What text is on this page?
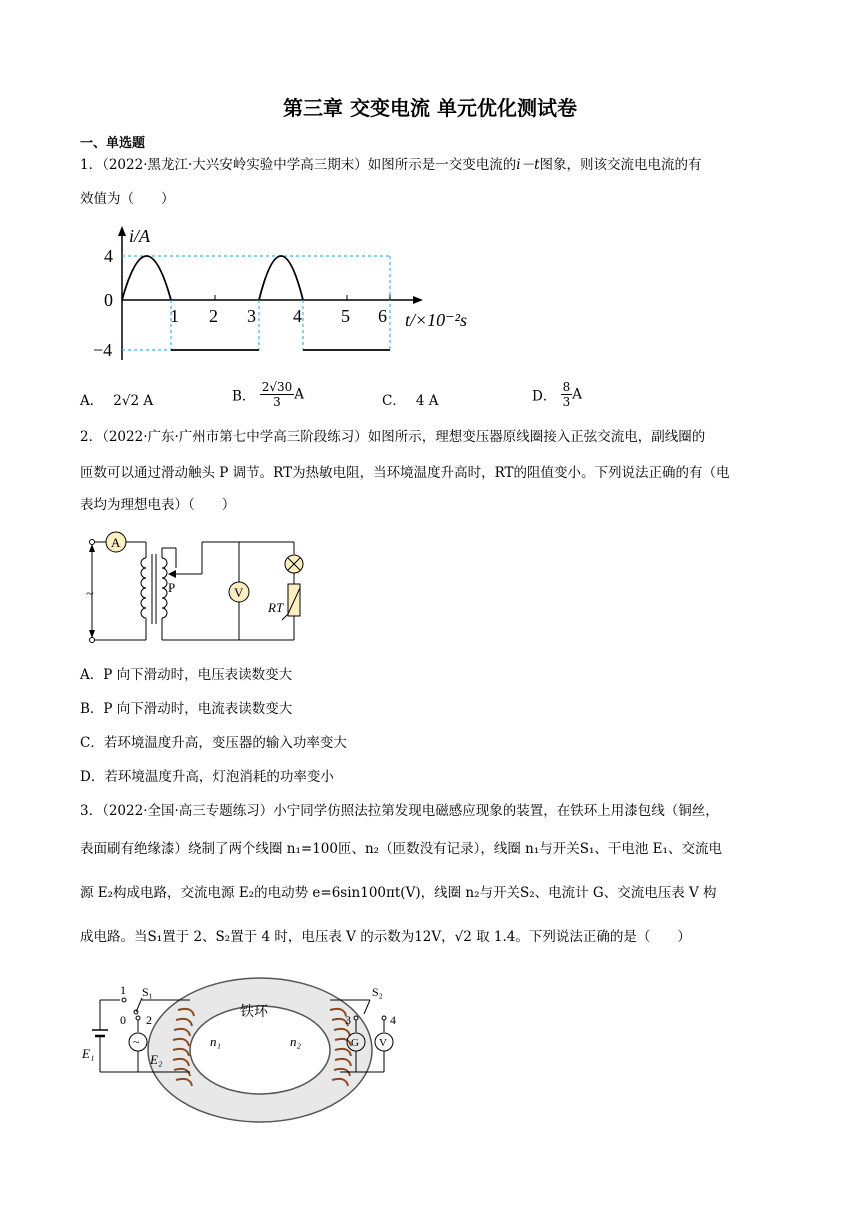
第三章 交变电流 单元优化测试卷
一、单选题
1．（2022·黑龙江·大兴安岭实验中学高三期末）如图所示是一交变电流的i－t图象，则该交流电电流的有
效值为（　　）
i/A
4
0
−4
1 2 3 4 5 6 t/×10⁻²s
A． 2√2 A	B． $\frac{2√30}{3}$ A	C． 4 A	D． $\frac{8}{3}$ A
2．（2022·广东·广州市第七中学高三阶段练习）如图所示，理想变压器原线圈接入正弦交流电，副线圈的
匝数可以通过滑动触头 P 调节。RT为热敏电阻，当环境温度升高时，RT的阻值变小。下列说法正确的有（电
表均为理想电表）（　　）
~
A
P	V
RT
A．P 向下滑动时，电压表读数变大
B．P 向下滑动时，电流表读数变大
C．若环境温度升高，变压器的输入功率变大
D．若环境温度升高，灯泡消耗的功率变小
3．（2022·全国·高三专题练习）小宁同学仿照法拉第发现电磁感应现象的装置，在铁环上用漆包线（铜丝，
表面刷有绝缘漆）绕制了两个线圈 n₁=100匝、n₂（匝数没有记录），线圈 n₁与开关S₁、干电池 E₁、交流电
源 E₂构成电路，交流电源 E₂的电动势 e=6sin100πt(V)，线圈 n₂与开关S₂、电流计 G、交流电压表 V 构
成电路。当S₁置于 2、S₂置于 4 时，电压表 V 的示数为12V，√2 取 1.4。下列说法正确的是（　　）
铁环
n₁	n₂
E₁
1 S₁
0 2
~
E₂
S₂
3	4
G V
